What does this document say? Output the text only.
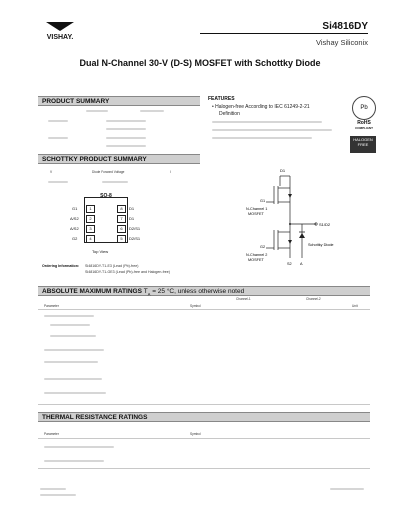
VISHAY.
Si4816DY
Vishay Siliconix
Dual N-Channel 30-V (D-S) MOSFET with Schottky Diode
PRODUCT SUMMARY	FEATURES
• Halogen-free According to IEC 61249-2-21
Definition
Pb
RoHS
COMPLIANT
HALOGEN
FREE
SCHOTTKY PRODUCT SUMMARY
V	Diode Forward Voltage	I
SO-8
Top View
1
2
3
4
G1
A/S2
A/S2
G2
8
7
6
5
D1
D1
D2/S1
D2/S1
Ordering Information: Si4816DY-T1-E3 (Lead (Pb)-free)
Si4816DY-T1-GE3 (Lead (Pb)-free and Halogen-free)
D1
N-Channel 1
MOSFET
N-Channel 2
MOSFET
S1/D2
Schottky Diode
G1
G2
S2 A
ABSOLUTE MAXIMUM RATINGS $T_A = 25$ °C, unless otherwise noted
Channel-1	Channel-2
Parameter	Symbol	Unit
THERMAL RESISTANCE RATINGS
Parameter	Symbol
